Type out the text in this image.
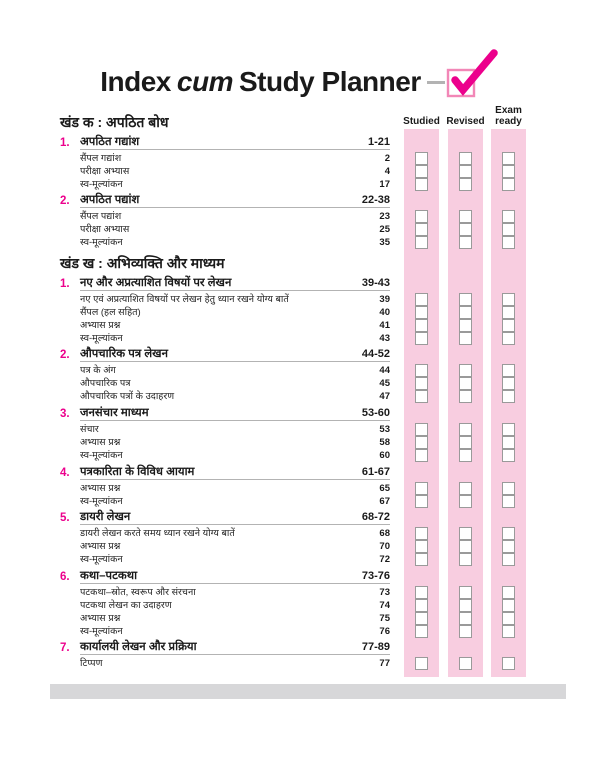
Index cum Study Planner
Studied Revised
Exam ready
खंड क : अपठित बोध
1. अपठित गद्यांश	1-21
सैंपल गद्यांश	2
परीक्षा अभ्यास	4
स्व-मूल्यांकन	17
2. अपठित पद्यांश	22-38
सैंपल पद्यांश	23
परीक्षा अभ्यास	25
स्व-मूल्यांकन	35
खंड ख : अभिव्यक्ति और माध्यम
1. नए और अप्रत्याशित विषयों पर लेखन	39-43
नए एवं अप्रत्याशित विषयों पर लेखन हेतु ध्यान रखने योग्य बातें	39
सैंपल (हल सहित)	40
अभ्यास प्रश्न	41
स्व-मूल्यांकन	43
2. औपचारिक पत्र लेखन	44-52
पत्र के अंग	44
औपचारिक पत्र	45
औपचारिक पत्रों के उदाहरण	47
3. जनसंचार माध्यम	53-60
संचार	53
अभ्यास प्रश्न	58
स्व-मूल्यांकन	60
4. पत्रकारिता के विविध आयाम	61-67
अभ्यास प्रश्न	65
स्व-मूल्यांकन	67
5. डायरी लेखन	68-72
डायरी लेखन करते समय ध्यान रखने योग्य बातें	68
अभ्यास प्रश्न	70
स्व-मूल्यांकन	72
6. कथा–पटकथा	73-76
पटकथा–स्रोत, स्वरूप और संरचना	73
पटकथा लेखन का उदाहरण	74
अभ्यास प्रश्न	75
स्व-मूल्यांकन	76
7. कार्यालयी लेखन और प्रक्रिया	77-89
टिप्पण	77
